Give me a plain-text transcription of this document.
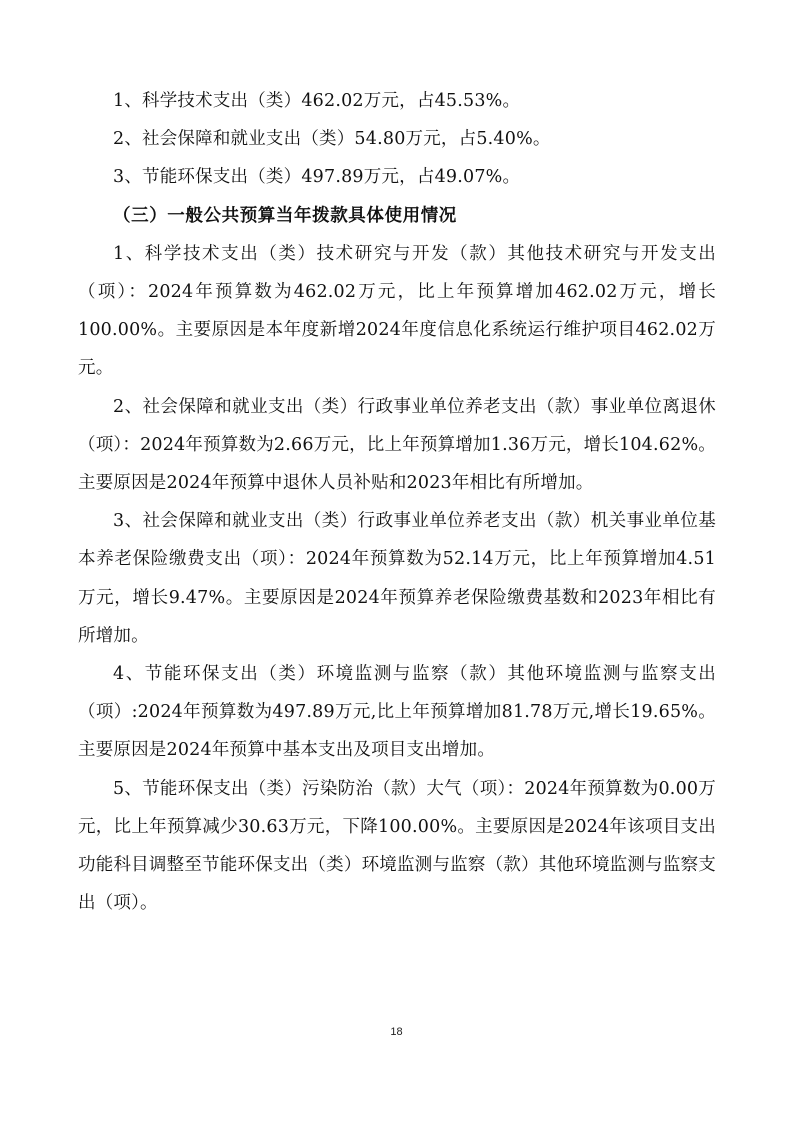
1、科学技术支出（类）462.02万元，占45.53%。

2、社会保障和就业支出（类）54.80万元，占5.40%。

3、节能环保支出（类）497.89万元，占49.07%。

（三）一般公共预算当年拨款具体使用情况

1、科学技术支出（类）技术研究与开发（款）其他技术研究与开发支出（项）：2024年预算数为462.02万元，比上年预算增加462.02万元，增长100.00%。主要原因是本年度新增2024年度信息化系统运行维护项目462.02万元。

2、社会保障和就业支出（类）行政事业单位养老支出（款）事业单位离退休（项）：2024年预算数为2.66万元，比上年预算增加1.36万元，增长104.62%。主要原因是2024年预算中退休人员补贴和2023年相比有所增加。

3、社会保障和就业支出（类）行政事业单位养老支出（款）机关事业单位基本养老保险缴费支出（项）：2024年预算数为52.14万元，比上年预算增加4.51万元，增长9.47%。主要原因是2024年预算养老保险缴费基数和2023年相比有所增加。

4、节能环保支出（类）环境监测与监察（款）其他环境监测与监察支出（项）:2024年预算数为497.89万元,比上年预算增加81.78万元,增长19.65%。主要原因是2024年预算中基本支出及项目支出增加。

5、节能环保支出（类）污染防治（款）大气（项）：2024年预算数为0.00万元，比上年预算减少30.63万元，下降100.00%。主要原因是2024年该项目支出功能科目调整至节能环保支出（类）环境监测与监察（款）其他环境监测与监察支出（项）。

18
